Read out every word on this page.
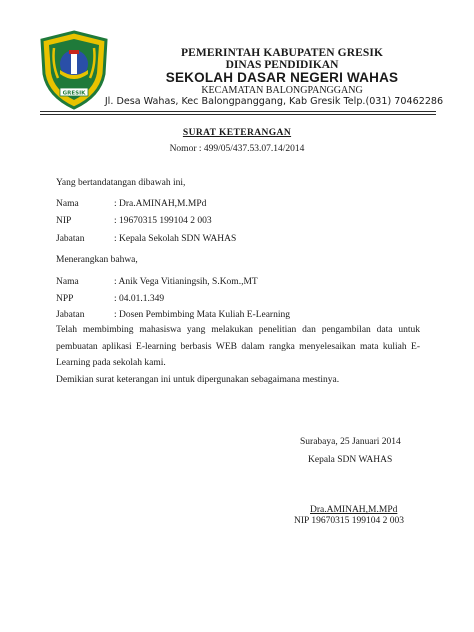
GRESIK
PEMERINTAH KABUPATEN GRESIK
DINAS PENDIDIKAN
SEKOLAH DASAR NEGERI WAHAS
KECAMATAN BALONGPANGGANG
Jl. Desa Wahas, Kec Balongpanggang, Kab Gresik Telp.(031) 70462286
SURAT KETERANGAN
Nomor : 499/05/437.53.07.14/2014
Yang bertandatangan dibawah ini,
Nama	: Dra.AMINAH,M.MPd
NIP	: 19670315 199104 2 003
Jabatan	: Kepala Sekolah SDN WAHAS
Menerangkan bahwa,
Nama	: Anik Vega Vitianingsih, S.Kom.,MT
NPP	: 04.01.1.349
Jabatan	: Dosen Pembimbing Mata Kuliah E-Learning
Telah membimbing mahasiswa yang melakukan penelitian dan pengambilan data untuk pembuatan aplikasi E-learning berbasis WEB dalam rangka menyelesaikan mata kuliah E-Learning pada sekolah kami.
Demikian surat keterangan ini untuk dipergunakan sebagaimana mestinya.
Surabaya, 25 Januari 2014
Kepala SDN WAHAS
Dra.AMINAH,M.MPd
NIP 19670315 199104 2 003
